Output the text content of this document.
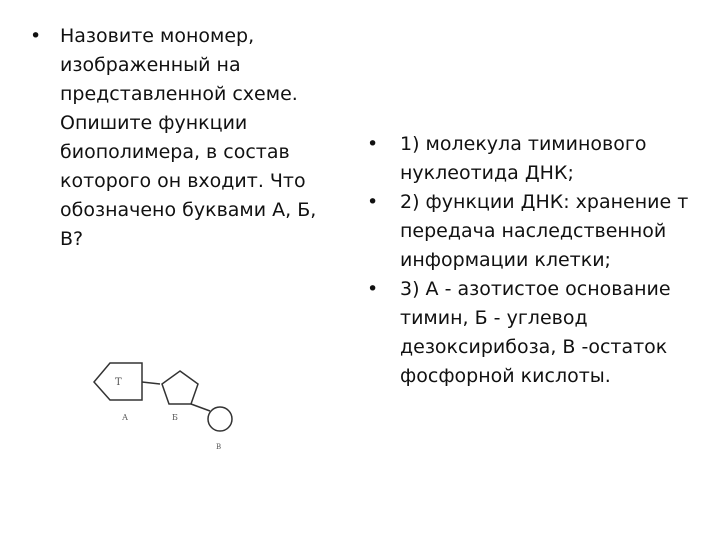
• Назовите мономер, изображенный на представленной схеме. Опишите функции биополимера, в состав которого он входит. Что обозначено буквами А, Б, В?

T
А	Б
В

•	1) молекула тиминового нуклеотида ДНК;

•	2) функции ДНК: хранение т передача наследственной информации клетки;

•	3) А - азотистое основание тимин, Б - углевод дезоксирибоза, В -остаток фосфорной кислоты.
